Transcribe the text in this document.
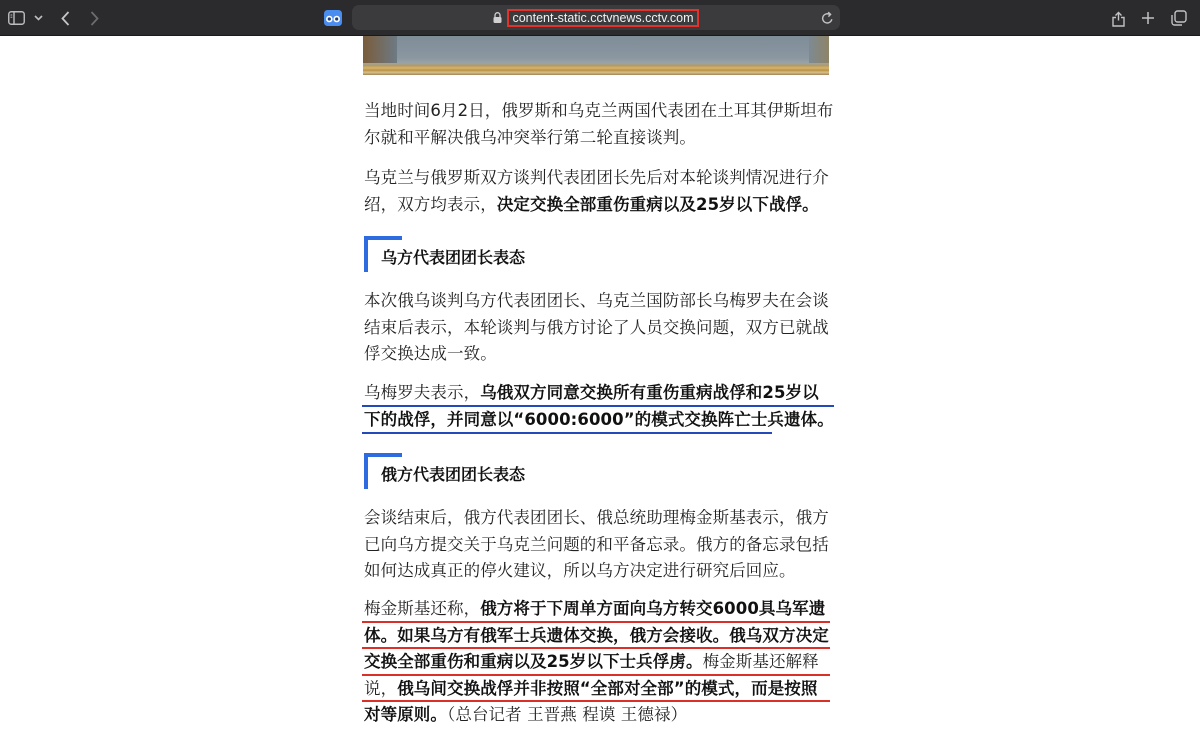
content-static.cctvnews.cctv.com

当地时间6月2日，俄罗斯和乌克兰两国代表团在土耳其伊斯坦布尔就和平解决俄乌冲突举行第二轮直接谈判。

乌克兰与俄罗斯双方谈判代表团团长先后对本轮谈判情况进行介绍，双方均表示，决定交换全部重伤重病以及25岁以下战俘。

乌方代表团团长表态

本次俄乌谈判乌方代表团团长、乌克兰国防部长乌梅罗夫在会谈结束后表示，本轮谈判与俄方讨论了人员交换问题，双方已就战俘交换达成一致。

乌梅罗夫表示，乌俄双方同意交换所有重伤重病战俘和25岁以下的战俘，并同意以“6000:6000”的模式交换阵亡士兵遗体。

俄方代表团团长表态

会谈结束后，俄方代表团团长、俄总统助理梅金斯基表示，俄方已向乌方提交关于乌克兰问题的和平备忘录。俄方的备忘录包括如何达成真正的停火建议，所以乌方决定进行研究后回应。

梅金斯基还称，俄方将于下周单方面向乌方转交6000具乌军遗体。如果乌方有俄军士兵遗体交换，俄方会接收。俄乌双方决定交换全部重伤和重病以及25岁以下士兵俘虏。梅金斯基还解释说，俄乌间交换战俘并非按照“全部对全部”的模式，而是按照对等原则。（总台记者 王晋燕 程谟 王德禄）
